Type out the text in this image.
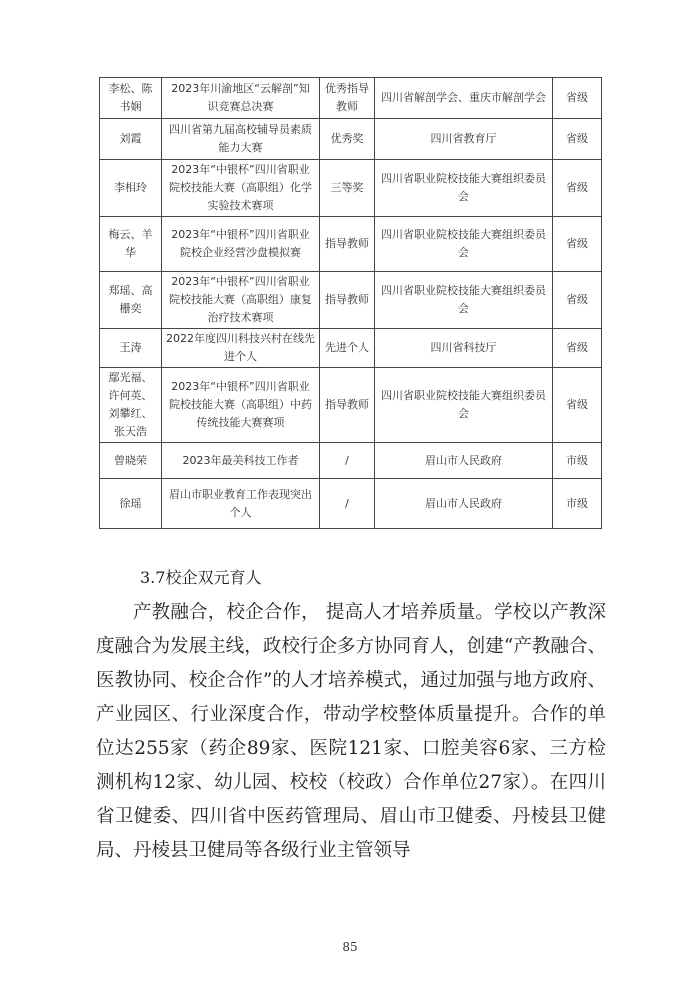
李松、陈书娴	2023年川渝地区“云解剖”知识竞赛总决赛	优秀指导教师	四川省解剖学会、重庆市解剖学会	省级
刘霞	四川省第九届高校辅导员素质能力大赛	优秀奖	四川省教育厅	省级
李相玲	2023年“中银杯”四川省职业院校技能大赛（高职组）化学实验技术赛项	三等奖	四川省职业院校技能大赛组织委员会	省级
梅云、羊华	2023年“中银杯”四川省职业院校企业经营沙盘模拟赛	指导教师	四川省职业院校技能大赛组织委员会	省级
郑瑶、高栅奕	2023年“中银杯”四川省职业院校技能大赛（高职组）康复治疗技术赛项	指导教师	四川省职业院校技能大赛组织委员会	省级
王涛	2022年度四川科技兴村在线先进个人	先进个人	四川省科技厅	省级
鄢光福、许何英、刘攀红、张天浩	2023年“中银杯”四川省职业院校技能大赛（高职组）中药传统技能大赛赛项	指导教师	四川省职业院校技能大赛组织委员会	省级
曾晓荣	2023年最美科技工作者	/	眉山市人民政府	市级
徐瑶	眉山市职业教育工作表现突出个人	/	眉山市人民政府	市级
3.7校企双元育人

产教融合，校企合作， 提高人才培养质量。学校以产教深度融合为发展主线，政校行企多方协同育人，创建“产教融合、医教协同、校企合作”的人才培养模式，通过加强与地方政府、产业园区、行业深度合作，带动学校整体质量提升。合作的单位达255家（药企89家、医院121家、口腔美容6家、三方检测机构12家、幼儿园、校校（校政）合作单位27家）。在四川省卫健委、四川省中医药管理局、眉山市卫健委、丹棱县卫健局、丹棱县卫健局等各级行业主管领导

85
